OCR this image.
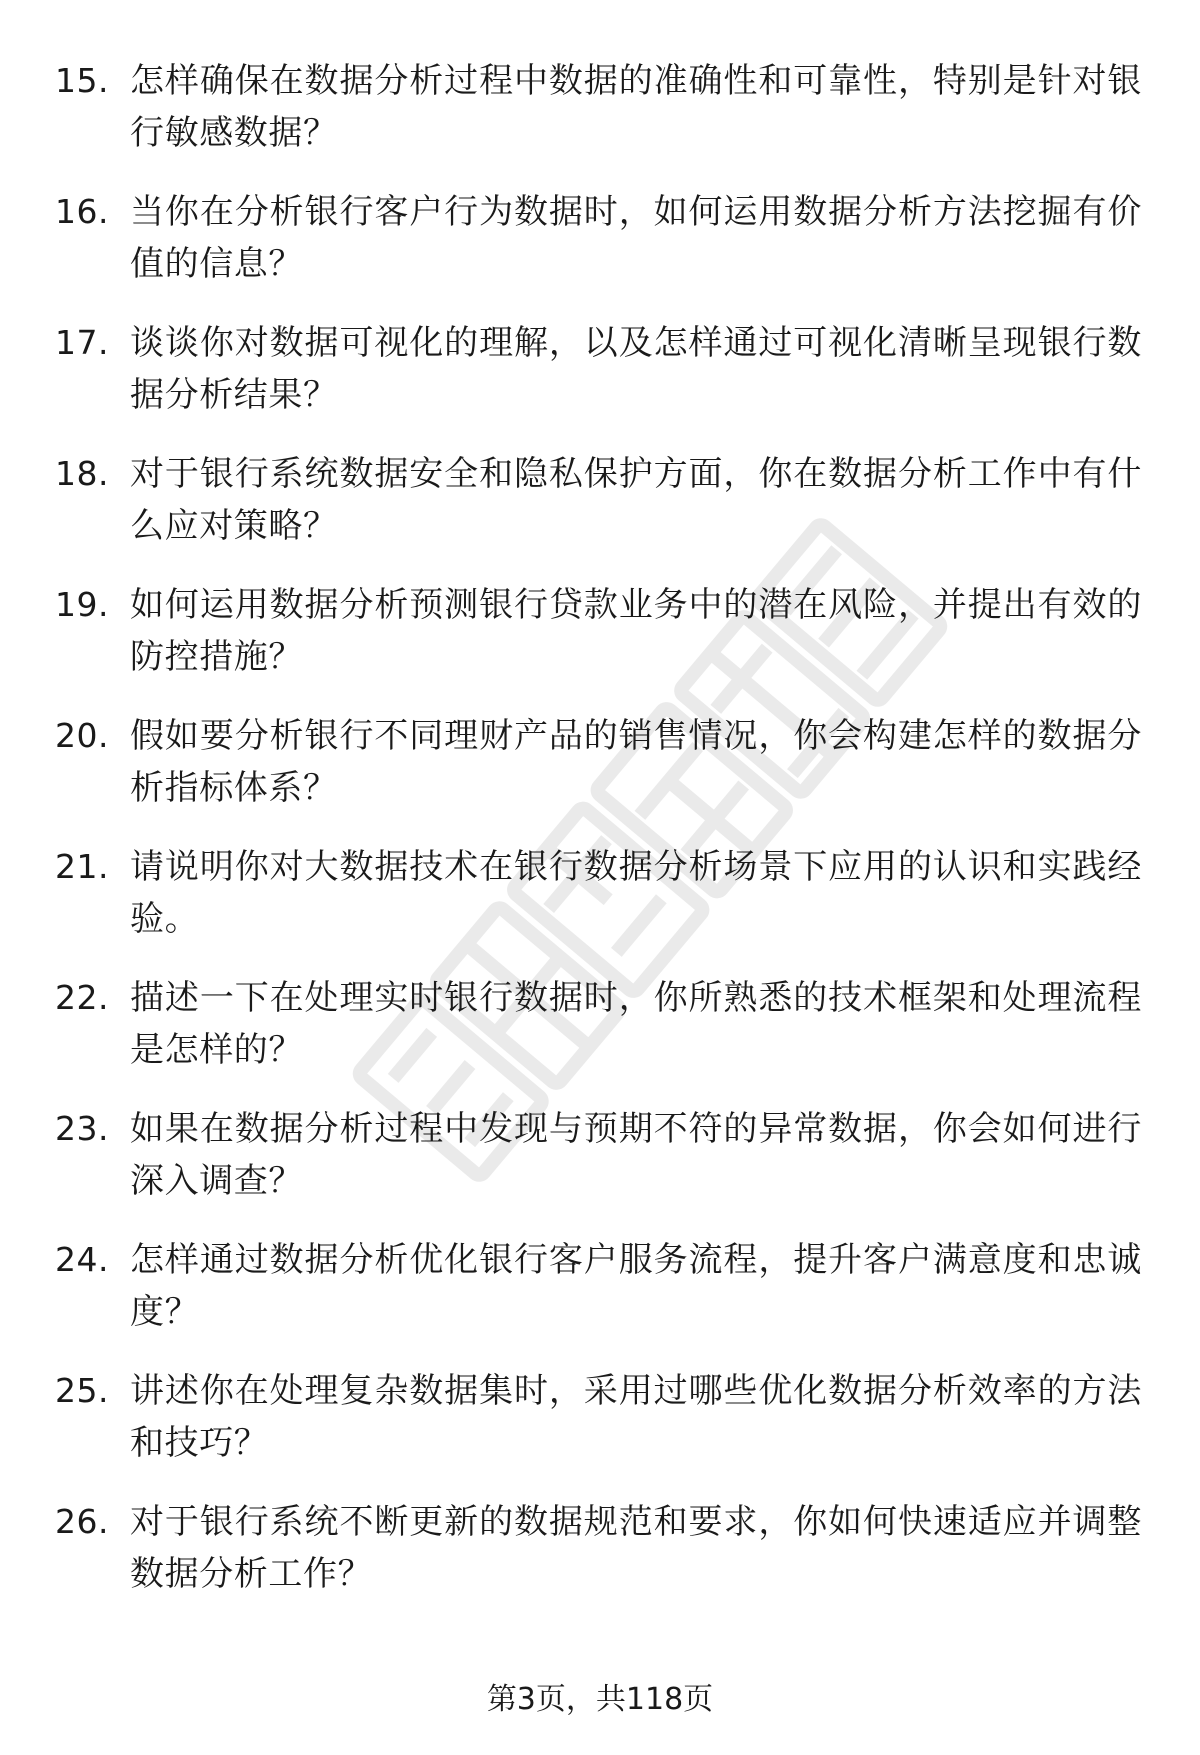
15. 怎样确保在数据分析过程中数据的准确性和可靠性，特别是针对银行敏感数据？
16. 当你在分析银行客户行为数据时，如何运用数据分析方法挖掘有价值的信息？
17. 谈谈你对数据可视化的理解，以及怎样通过可视化清晰呈现银行数据分析结果？
18. 对于银行系统数据安全和隐私保护方面，你在数据分析工作中有什么应对策略？
19. 如何运用数据分析预测银行贷款业务中的潜在风险，并提出有效的防控措施？
20. 假如要分析银行不同理财产品的销售情况，你会构建怎样的数据分析指标体系？
21. 请说明你对大数据技术在银行数据分析场景下应用的认识和实践经验。
22. 描述一下在处理实时银行数据时，你所熟悉的技术框架和处理流程是怎样的？
23. 如果在数据分析过程中发现与预期不符的异常数据，你会如何进行深入调查？
24. 怎样通过数据分析优化银行客户服务流程，提升客户满意度和忠诚度？
25. 讲述你在处理复杂数据集时，采用过哪些优化数据分析效率的方法和技巧？
26. 对于银行系统不断更新的数据规范和要求，你如何快速适应并调整数据分析工作？
第3页，共118页
